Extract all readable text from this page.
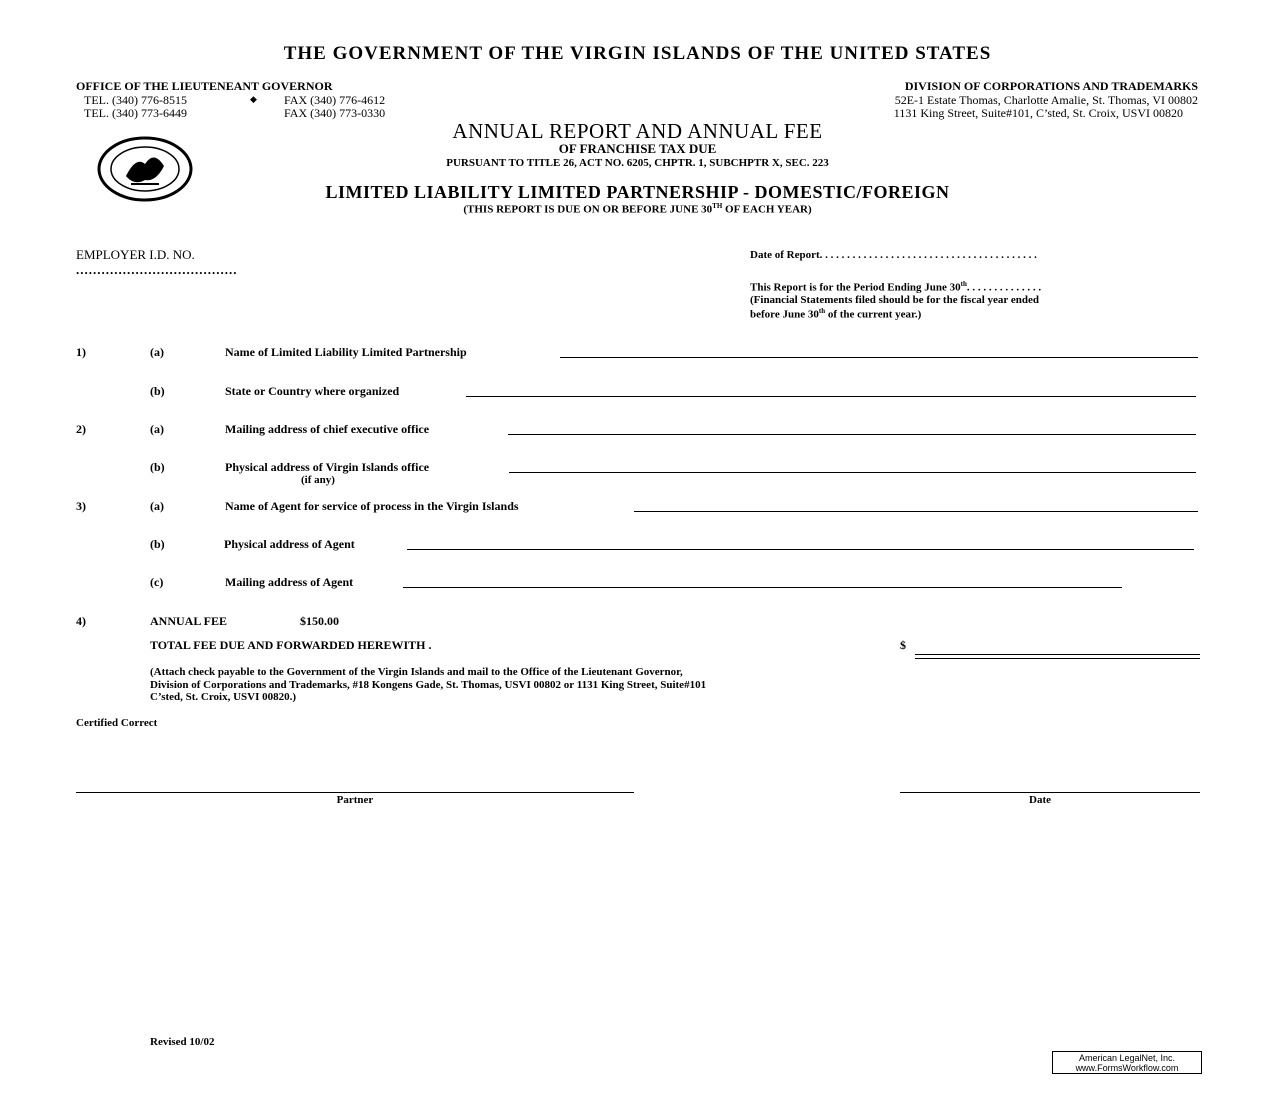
THE GOVERNMENT OF THE VIRGIN ISLANDS OF THE UNITED STATES
OFFICE OF THE LIEUTENEANT GOVERNOR
TEL. (340) 776-8515	◆ FAX (340) 776-4612
TEL. (340) 773-6449	FAX (340) 773-0330
DIVISION OF CORPORATIONS AND TRADEMARKS
52E-1 Estate Thomas, Charlotte Amalie, St. Thomas, VI 00802
1131 King Street, Suite#101, C’sted, St. Croix, USVI 00820
ANNUAL REPORT AND ANNUAL FEE
OF FRANCHISE TAX DUE
PURSUANT TO TITLE 26, ACT NO. 6205, CHPTR. 1, SUBCHPTR X, SEC. 223
LIMITED LIABILITY LIMITED PARTNERSHIP - DOMESTIC/FOREIGN
(THIS REPORT IS DUE ON OR BEFORE JUNE 30TH OF EACH YEAR)
EMPLOYER I.D. NO.
......................................
Date of Report. . . . . . . . . . . . . . . . . . . . . . . . . . . . . . . . . . . . . . . .
This Report is for the Period Ending June 30th. . . . . . . . . . . . . .
(Financial Statements filed should be for the fiscal year ended
before June 30th of the current year.)
1)	(a)	Name of Limited Liability Limited Partnership
(b)	State or Country where organized
2)	(a)	Mailing address of chief executive office
(b)	Physical address of Virgin Islands office
(if any)
3)	(a)	Name of Agent for service of process in the Virgin Islands
(b)	Physical address of Agent
(c)	Mailing address of Agent
4)	ANNUAL FEE	$150.00
TOTAL FEE DUE AND FORWARDED HEREWITH .	$
(Attach check payable to the Government of the Virgin Islands and mail to the Office of the Lieutenant Governor,
Division of Corporations and Trademarks, #18 Kongens Gade, St. Thomas, USVI 00802 or 1131 King Street, Suite#101
C’sted, St. Croix, USVI 00820.)
Certified Correct
Partner	Date
Revised 10/02
American LegalNet, Inc.
www.FormsWorkflow.com
